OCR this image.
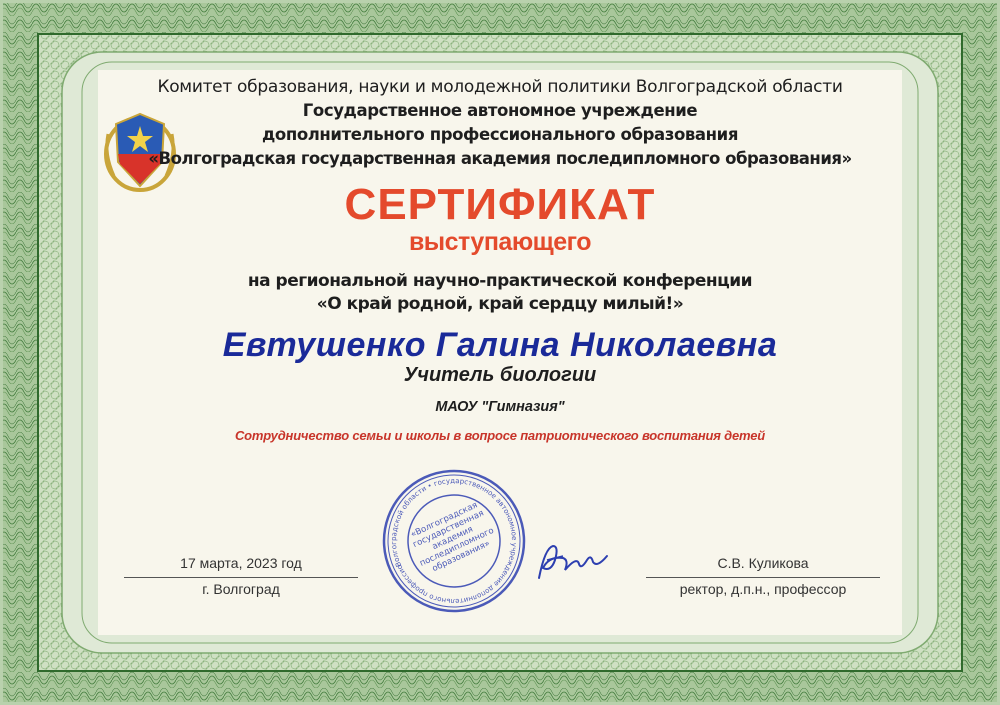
Комитет образования, науки и молодежной политики Волгоградской области
Государственное автономное учреждение
дополнительного профессионального образования
«Волгоградская государственная академия последипломного образования»
СЕРТИФИКАТ
выступающего
на региональной научно-практической конференции
«О край родной, край сердцу милый!»
Евтушенко Галина Николаевна
Учитель биологии
МАОУ "Гимназия"
Сотрудничество семьи и школы в вопросе патриотического воспитания детей
17 марта, 2023 год
г. Волгоград
С.В. Куликова
ректор, д.п.н., профессор
Волгоградской области • государственное автономное учреждение дополнительного профессионального	«Волгоградская государственная академия последипломного образования»
